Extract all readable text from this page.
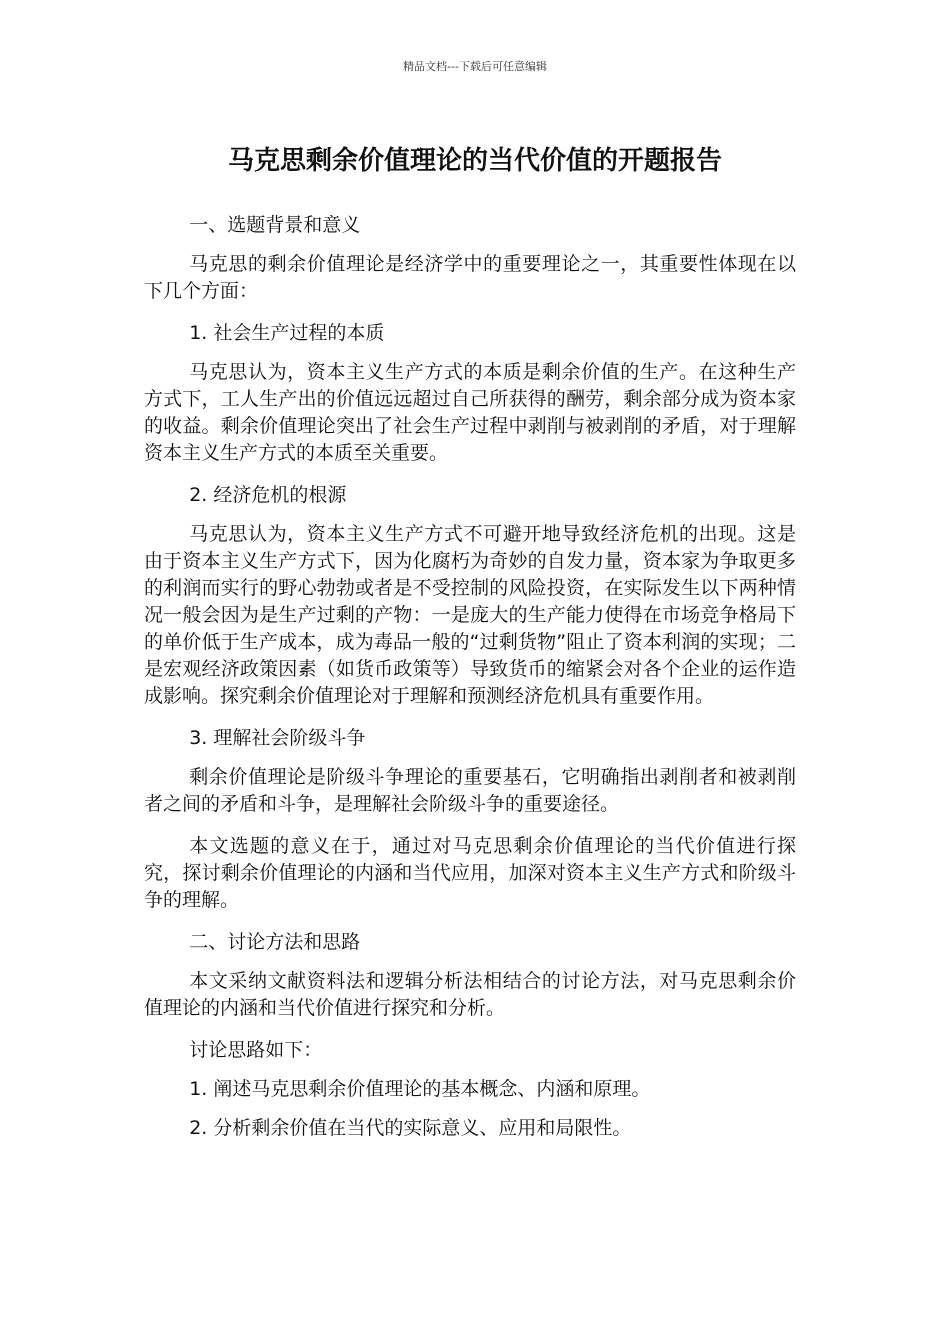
精品文档---下载后可任意编辑
马克思剩余价值理论的当代价值的开题报告

一、选题背景和意义

马克思的剩余价值理论是经济学中的重要理论之一，其重要性体现在以下几个方面：

1. 社会生产过程的本质

马克思认为，资本主义生产方式的本质是剩余价值的生产。在这种生产方式下，工人生产出的价值远远超过自己所获得的酬劳，剩余部分成为资本家的收益。剩余价值理论突出了社会生产过程中剥削与被剥削的矛盾，对于理解资本主义生产方式的本质至关重要。

2. 经济危机的根源

马克思认为，资本主义生产方式不可避开地导致经济危机的出现。这是由于资本主义生产方式下，因为化腐朽为奇妙的自发力量，资本家为争取更多的利润而实行的野心勃勃或者是不受控制的风险投资，在实际发生以下两种情况一般会因为是生产过剩的产物：一是庞大的生产能力使得在市场竞争格局下的单价低于生产成本，成为毒品一般的“过剩货物”阻止了资本利润的实现；二是宏观经济政策因素（如货币政策等）导致货币的缩紧会对各个企业的运作造成影响。探究剩余价值理论对于理解和预测经济危机具有重要作用。

3. 理解社会阶级斗争

剩余价值理论是阶级斗争理论的重要基石，它明确指出剥削者和被剥削者之间的矛盾和斗争，是理解社会阶级斗争的重要途径。

本文选题的意义在于，通过对马克思剩余价值理论的当代价值进行探究，探讨剩余价值理论的内涵和当代应用，加深对资本主义生产方式和阶级斗争的理解。

二、讨论方法和思路

本文采纳文献资料法和逻辑分析法相结合的讨论方法，对马克思剩余价值理论的内涵和当代价值进行探究和分析。

讨论思路如下：

1. 阐述马克思剩余价值理论的基本概念、内涵和原理。

2. 分析剩余价值在当代的实际意义、应用和局限性。
